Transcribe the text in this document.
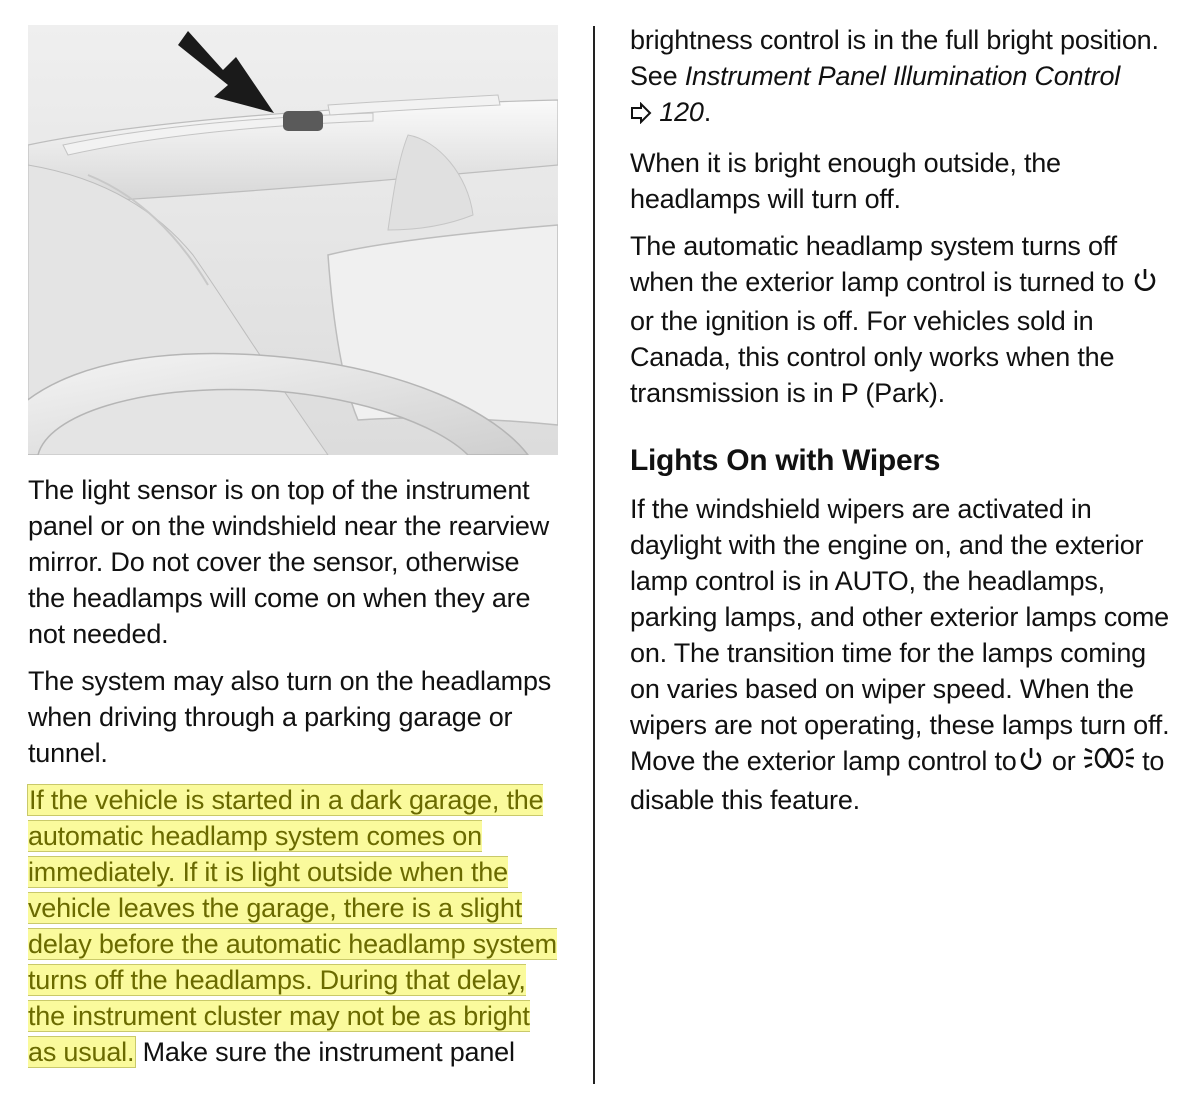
The light sensor is on top of the instrument panel or on the windshield near the rearview mirror. Do not cover the sensor, otherwise the headlamps will come on when they are not needed.

The system may also turn on the headlamps when driving through a parking garage or tunnel.

If the vehicle is started in a dark garage, the automatic headlamp system comes on immediately. If it is light outside when the vehicle leaves the garage, there is a slight delay before the automatic headlamp system turns off the headlamps. During that delay, the instrument cluster may not be as bright as usual. Make sure the instrument panel

brightness control is in the full bright position. See Instrument Panel Illumination Control
120.

When it is bright enough outside, the headlamps will turn off.

The automatic headlamp system turns off when the exterior lamp control is turned to  or the ignition is off. For vehicles sold in Canada, this control only works when the transmission is in P (Park).

Lights On with Wipers

If the windshield wipers are activated in daylight with the engine on, and the exterior lamp control is in AUTO, the headlamps, parking lamps, and other exterior lamps come on. The transition time for the lamps coming on varies based on wiper speed. When the wipers are not operating, these lamps turn off. Move the exterior lamp control to or  to disable this feature.
